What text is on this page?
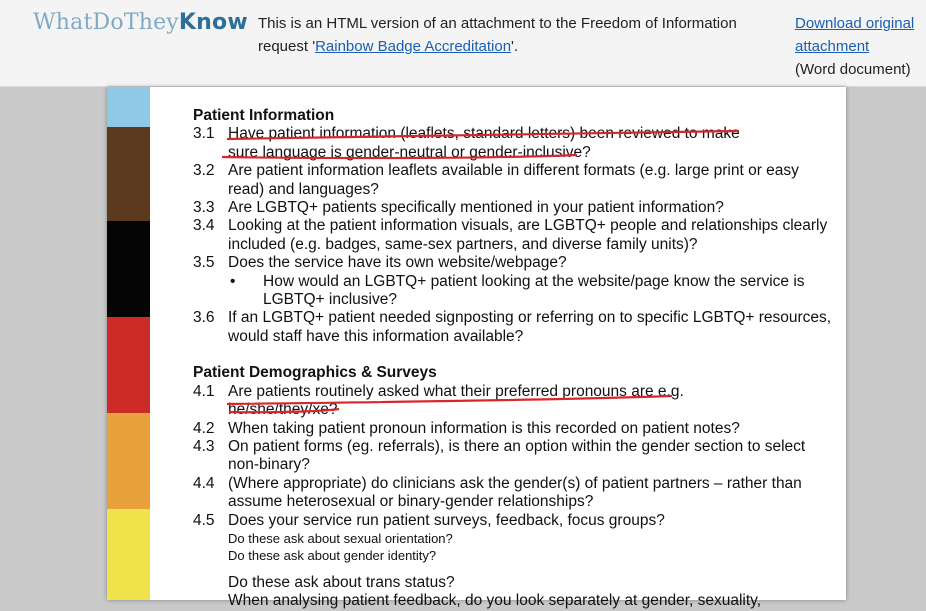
WhatDoTheyKnow This is an HTML version of an attachment to the Freedom of Information request 'Rainbow Badge Accreditation'.
Download original
attachment
(Word document)
Patient Information
3.1 Have patient information (leaflets, standard letters) been reviewed to make
sure language is gender-neutral or gender-inclusive?
3.2 Are patient information leaflets available in different formats (e.g. large print or easy read) and languages?
3.3 Are LGBTQ+ patients specifically mentioned in your patient information?
3.4 Looking at the patient information visuals, are LGBTQ+ people and relationships clearly included (e.g. badges, same-sex partners, and diverse family units)?
3.5 Does the service have its own website/webpage?
•	How would an LGBTQ+ patient looking at the website/page know the service is LGBTQ+ inclusive?
3.6 If an LGBTQ+ patient needed signposting or referring on to specific LGBTQ+ resources, would staff have this information available?
Patient Demographics & Surveys
4.1 Are patients routinely asked what their preferred pronouns are e.g.
he/she/they/xe?
4.2 When taking patient pronoun information is this recorded on patient notes?
4.3 On patient forms (eg. referrals), is there an option within the gender section to select non-binary?
4.4 (Where appropriate) do clinicians ask the gender(s) of patient partners – rather than assume heterosexual or binary-gender relationships?
4.5 Does your service run patient surveys, feedback, focus groups?
Do these ask about sexual orientation?
Do these ask about gender identity?
Do these ask about trans status?
When analysing patient feedback, do you look separately at gender, sexuality,
